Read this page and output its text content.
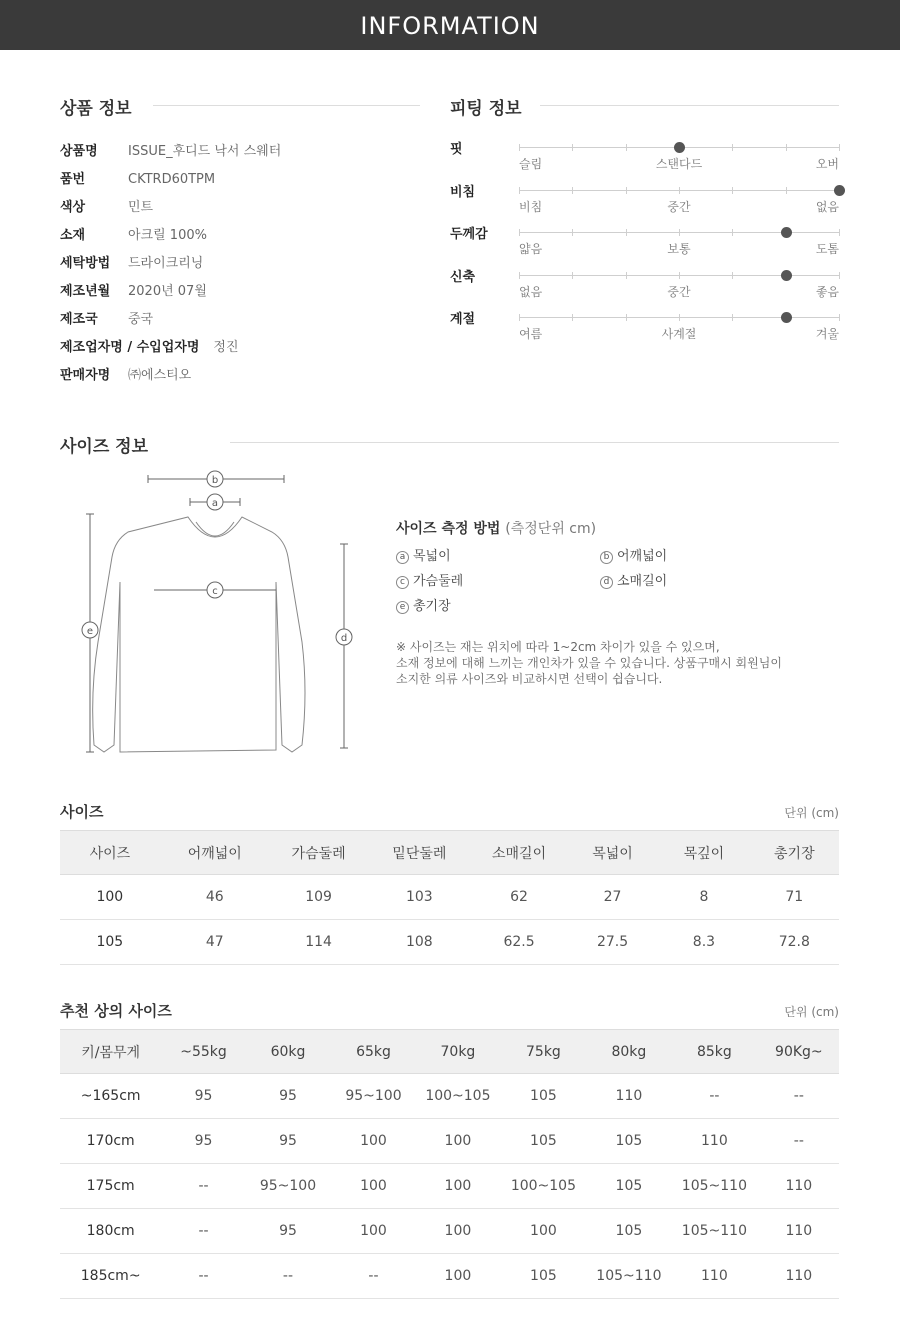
INFORMATION
상품 정보
상품명 ISSUE_후디드 낙서 스웨터
품번	CKTRD60TPM
색상	민트
소재	아크릴 100%
세탁방법 드라이크리닝
제조년월 2020년 07월
제조국 중국
제조업자명 / 수입업자명 정진
판매자명 ㈜에스티오
피팅 정보
핏
슬림	스탠다드	오버
비침
비침	중간	없음
두께감
얇음	보통	도톰
신축
없음	중간	좋음
계절
여름	사계절	겨울
사이즈 정보
b
a
c
e
d
사이즈 측정 방법 (측정단위 cm)
a 목넓이	b 어깨넓이
c 가슴둘레	d 소매길이
e 총기장
※ 사이즈는 재는 위치에 따라 1~2cm 차이가 있을 수 있으며,
소재 정보에 대해 느끼는 개인차가 있을 수 있습니다. 상품구매시 회원님이
소지한 의류 사이즈와 비교하시면 선택이 쉽습니다.
사이즈	단위 (cm)
사이즈	어깨넓이	가슴둘레	밑단둘레	소매길이	목넓이	목깊이	총기장
100	46	109	103	62	27	8	71
105	47	114	108	62.5	27.5	8.3	72.8
추천 상의 사이즈	단위 (cm)
키/몸무게	~55kg	60kg	65kg	70kg	75kg	80kg	85kg	90Kg~
~165cm	95	95	95~100	100~105	105	110	--	--
170cm	95	95	100	100	105	105	110	--
175cm	--	95~100	100	100	100~105	105	105~110	110
180cm	--	95	100	100	100	105	105~110	110
185cm~	--	--	--	100	105	105~110	110	110
